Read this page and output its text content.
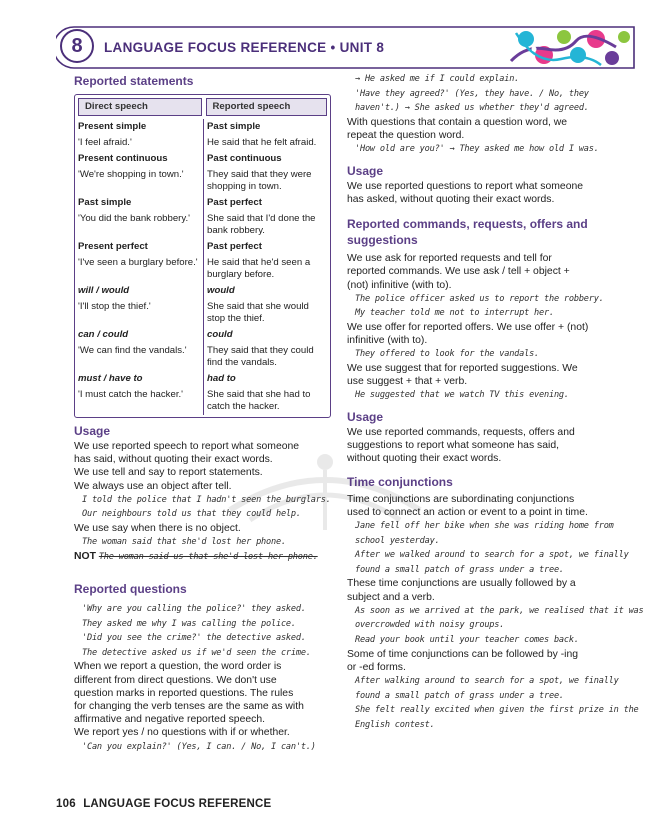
8	LANGUAGE FOCUS REFERENCE • UNIT 8
Reported statements
Direct speech	Reported speech

Present simple	Past simple
'I feel afraid.'	He said that he felt afraid.
Present continuous	Past continuous
'We're shopping in town.'	They said that they were shopping in town.
Past simple	Past perfect
'You did the bank robbery.'	She said that I'd done the bank robbery.
Present perfect	Past perfect
'I've seen a burglary before.'	He said that he'd seen a burglary before.
will / would	would
'I'll stop the thief.'	She said that she would stop the thief.
can / could	could
'We can find the vandals.'	They said that they could find the vandals.
must / have to	had to
'I must catch the hacker.'	She said that she had to catch the hacker.
Usage
We use reported speech to report what someone
has said, without quoting their exact words.
We use tell and say to report statements.
We always use an object after tell.
I told the police that I hadn't seen the burglars.
Our neighbours told us that they could help.
We use say when there is no object.
The woman said that she'd lost her phone.
NOT The woman said us that she'd lost her phone.
Reported questions
'Why are you calling the police?' they asked.
They asked me why I was calling the police.
'Did you see the crime?' the detective asked.
The detective asked us if we'd seen the crime.
When we report a question, the word order is
different from direct questions. We don't use
question marks in reported questions. The rules
for changing the verb tenses are the same as with
affirmative and negative reported speech.
We report yes / no questions with if or whether.
'Can you explain?' (Yes, I can. / No, I can't.)
→ He asked me if I could explain.
'Have they agreed?' (Yes, they have. / No, they
haven't.) → She asked us whether they'd agreed.
With questions that contain a question word, we
repeat the question word.
'How old are you?' → They asked me how old I was.
Usage
We use reported questions to report what someone
has asked, without quoting their exact words.
Reported commands, requests, offers and
suggestions
We use ask for reported requests and tell for
reported commands. We use ask / tell + object +
(not) infinitive (with to).
The police officer asked us to report the robbery.
My teacher told me not to interrupt her.
We use offer for reported offers. We use offer + (not)
infinitive (with to).
They offered to look for the vandals.
We use suggest that for reported suggestions. We
use suggest + that + verb.
He suggested that we watch TV this evening.
Usage
We use reported commands, requests, offers and
suggestions to report what someone has said,
without quoting their exact words.
Time conjunctions
Time conjunctions are subordinating conjunctions
used to connect an action or event to a point in time.
Jane fell off her bike when she was riding home from
school yesterday.
After we walked around to search for a spot, we finally
found a small patch of grass under a tree.
These time conjunctions are usually followed by a
subject and a verb.
As soon as we arrived at the park, we realised that it was
overcrowded with noisy groups.
Read your book until your teacher comes back.
Some of time conjunctions can be followed by -ing
or -ed forms.
After walking around to search for a spot, we finally
found a small patch of grass under a tree.
She felt really excited when given the first prize in the
English contest.
106 LANGUAGE FOCUS REFERENCE
